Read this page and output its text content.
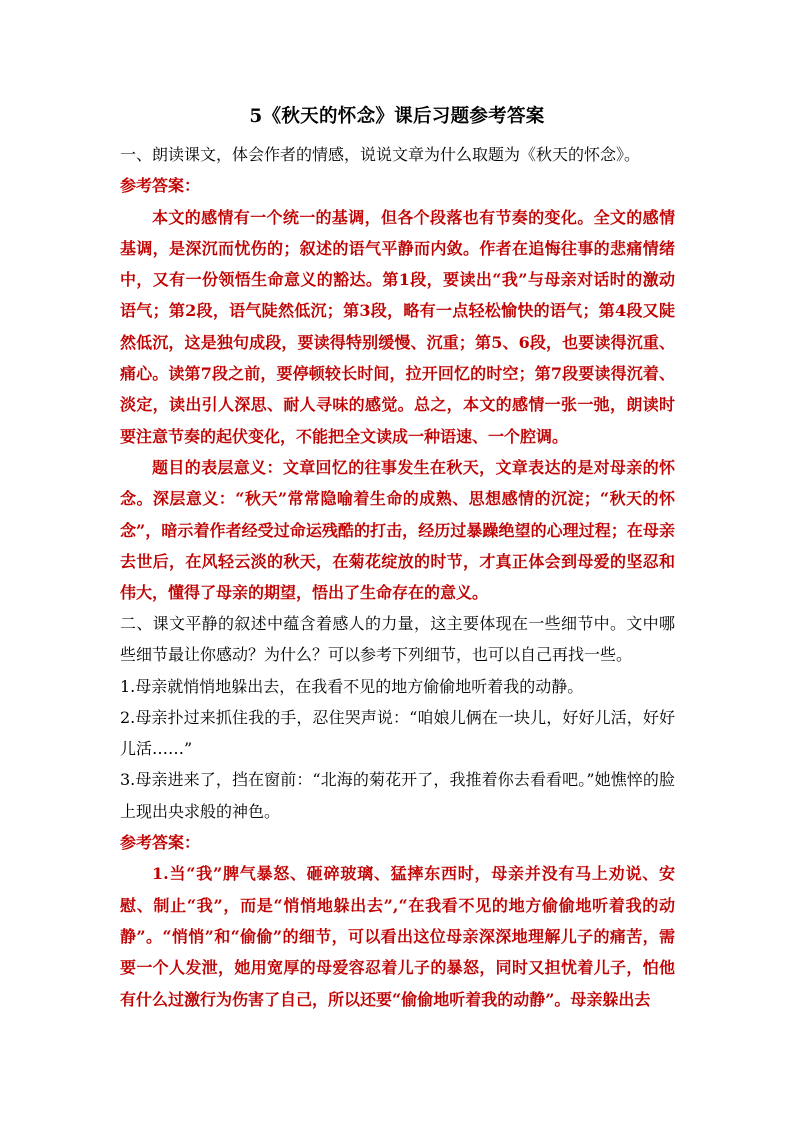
5《秋天的怀念》课后习题参考答案

一、朗读课文，体会作者的情感，说说文章为什么取题为《秋天的怀念》。

参考答案：

本文的感情有一个统一的基调，但各个段落也有节奏的变化。全文的感情基调，是深沉而忧伤的；叙述的语气平静而内敛。作者在追悔往事的悲痛情绪中，又有一份领悟生命意义的豁达。第1段，要读出“我”与母亲对话时的激动语气；第2段，语气陡然低沉；第3段，略有一点轻松愉快的语气；第4段又陡然低沉，这是独句成段，要读得特别缓慢、沉重；第5、6段，也要读得沉重、痛心。读第7段之前，要停顿较长时间，拉开回忆的时空；第7段要读得沉着、淡定，读出引人深思、耐人寻味的感觉。总之，本文的感情一张一弛，朗读时要注意节奏的起伏变化，不能把全文读成一种语速、一个腔调。

题目的表层意义：文章回忆的往事发生在秋天，文章表达的是对母亲的怀念。深层意义：“秋天”常常隐喻着生命的成熟、思想感情的沉淀；“秋天的怀念”，暗示着作者经受过命运残酷的打击，经历过暴躁绝望的心理过程；在母亲去世后，在风轻云淡的秋天，在菊花绽放的时节，才真正体会到母爱的坚忍和伟大，懂得了母亲的期望，悟出了生命存在的意义。

二、课文平静的叙述中蕴含着感人的力量，这主要体现在一些细节中。文中哪些细节最让你感动？为什么？可以参考下列细节，也可以自己再找一些。

1.母亲就悄悄地躲出去，在我看不见的地方偷偷地听着我的动静。

2.母亲扑过来抓住我的手，忍住哭声说：“咱娘儿俩在一块儿，好好儿活，好好儿活……”

3.母亲进来了，挡在窗前：“北海的菊花开了，我推着你去看看吧。”她憔悴的脸上现出央求般的神色。

参考答案：

1.当“我”脾气暴怒、砸碎玻璃、猛摔东西时，母亲并没有马上劝说、安慰、制止“我”，而是“悄悄地躲出去”,“在我看不见的地方偷偷地听着我的动静”。“悄悄”和“偷偷”的细节，可以看出这位母亲深深地理解儿子的痛苦，需要一个人发泄，她用宽厚的母爱容忍着儿子的暴怒，同时又担忧着儿子，怕他有什么过激行为伤害了自己，所以还要“偷偷地听着我的动静”。母亲躲出去
